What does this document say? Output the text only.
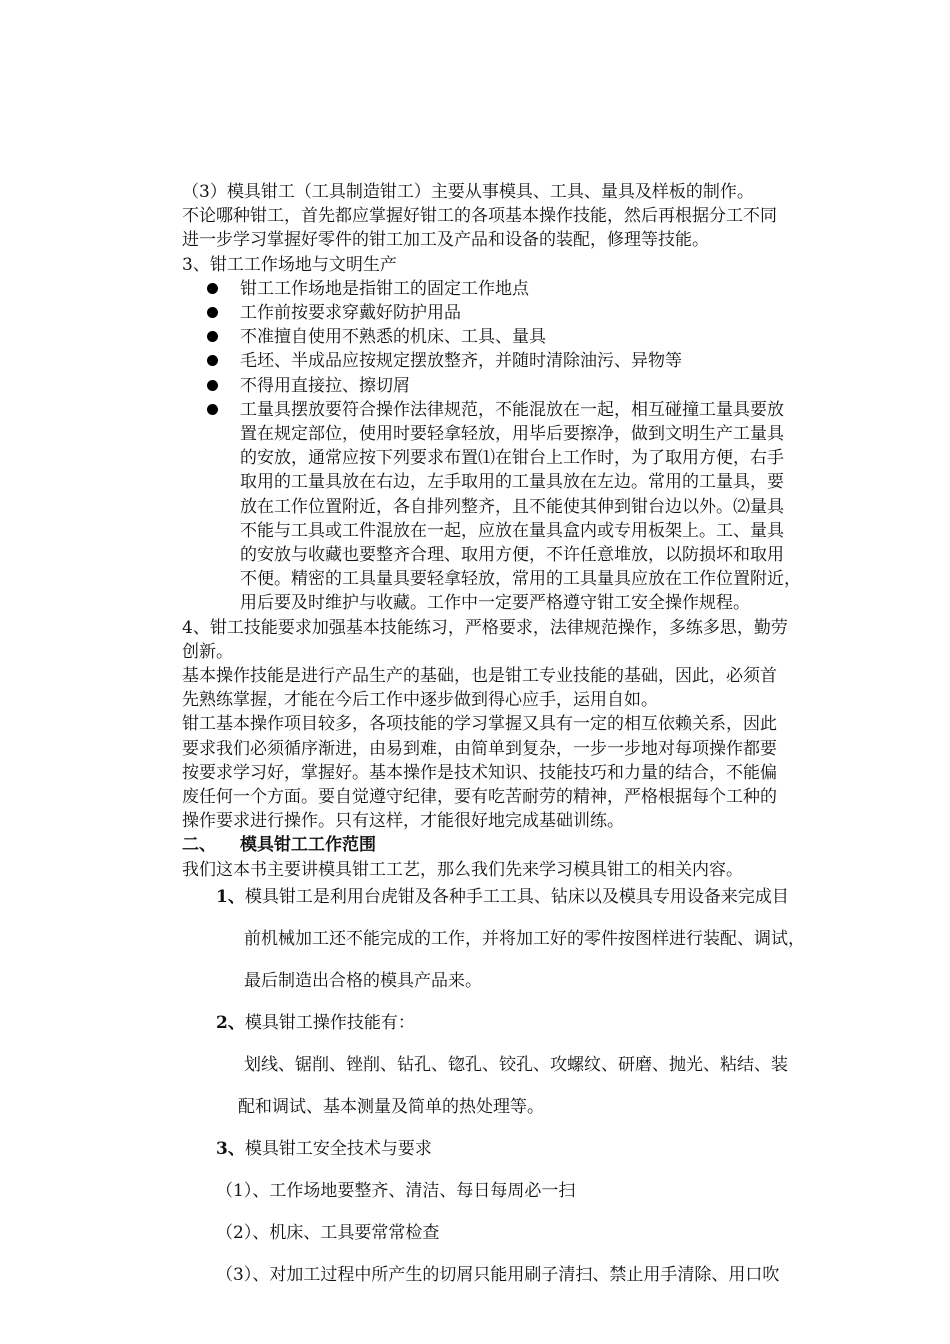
（3）模具钳工（工具制造钳工）主要从事模具、工具、量具及样板的制作。
不论哪种钳工，首先都应掌握好钳工的各项基本操作技能，然后再根据分工不同
进一步学习掌握好零件的钳工加工及产品和设备的装配，修理等技能。
3、钳工工作场地与文明生产
钳工工作场地是指钳工的固定工作地点
工作前按要求穿戴好防护用品
不准擅自使用不熟悉的机床、工具、量具
毛坯、半成品应按规定摆放整齐，并随时清除油污、异物等
不得用直接拉、擦切屑
工量具摆放要符合操作法律规范，不能混放在一起，相互碰撞工量具要放
置在规定部位，使用时要轻拿轻放，用毕后要擦净，做到文明生产工量具
的安放，通常应按下列要求布置⑴在钳台上工作时，为了取用方便，右手
取用的工量具放在右边，左手取用的工量具放在左边。常用的工量具，要
放在工作位置附近，各自排列整齐，且不能使其伸到钳台边以外。⑵量具
不能与工具或工件混放在一起，应放在量具盒内或专用板架上。工、量具
的安放与收藏也要整齐合理、取用方便，不许任意堆放，以防损坏和取用
不便。精密的工具量具要轻拿轻放，常用的工具量具应放在工作位置附近，
用后要及时维护与收藏。工作中一定要严格遵守钳工安全操作规程。
4、钳工技能要求加强基本技能练习，严格要求，法律规范操作，多练多思，勤劳
创新。
基本操作技能是进行产品生产的基础，也是钳工专业技能的基础，因此，必须首
先熟练掌握，才能在今后工作中逐步做到得心应手，运用自如。
钳工基本操作项目较多，各项技能的学习掌握又具有一定的相互依赖关系，因此
要求我们必须循序渐进，由易到难，由简单到复杂，一步一步地对每项操作都要
按要求学习好，掌握好。基本操作是技术知识、技能技巧和力量的结合，不能偏
废任何一个方面。要自觉遵守纪律，要有吃苦耐劳的精神，严格根据每个工种的
操作要求进行操作。只有这样，才能很好地完成基础训练。
二、 模具钳工工作范围
我们这本书主要讲模具钳工工艺，那么我们先来学习模具钳工的相关内容。
1、模具钳工是利用台虎钳及各种手工工具、钻床以及模具专用设备来完成目
前机械加工还不能完成的工作，并将加工好的零件按图样进行装配、调试，
最后制造出合格的模具产品来。
2、模具钳工操作技能有：
划线、锯削、锉削、钻孔、锪孔、铰孔、攻螺纹、研磨、抛光、粘结、装
配和调试、基本测量及简单的热处理等。
3、模具钳工安全技术与要求
（1）、工作场地要整齐、清洁、每日每周必一扫
（2）、机床、工具要常常检查
（3）、对加工过程中所产生的切屑只能用刷子清扫、禁止用手清除、用口吹
